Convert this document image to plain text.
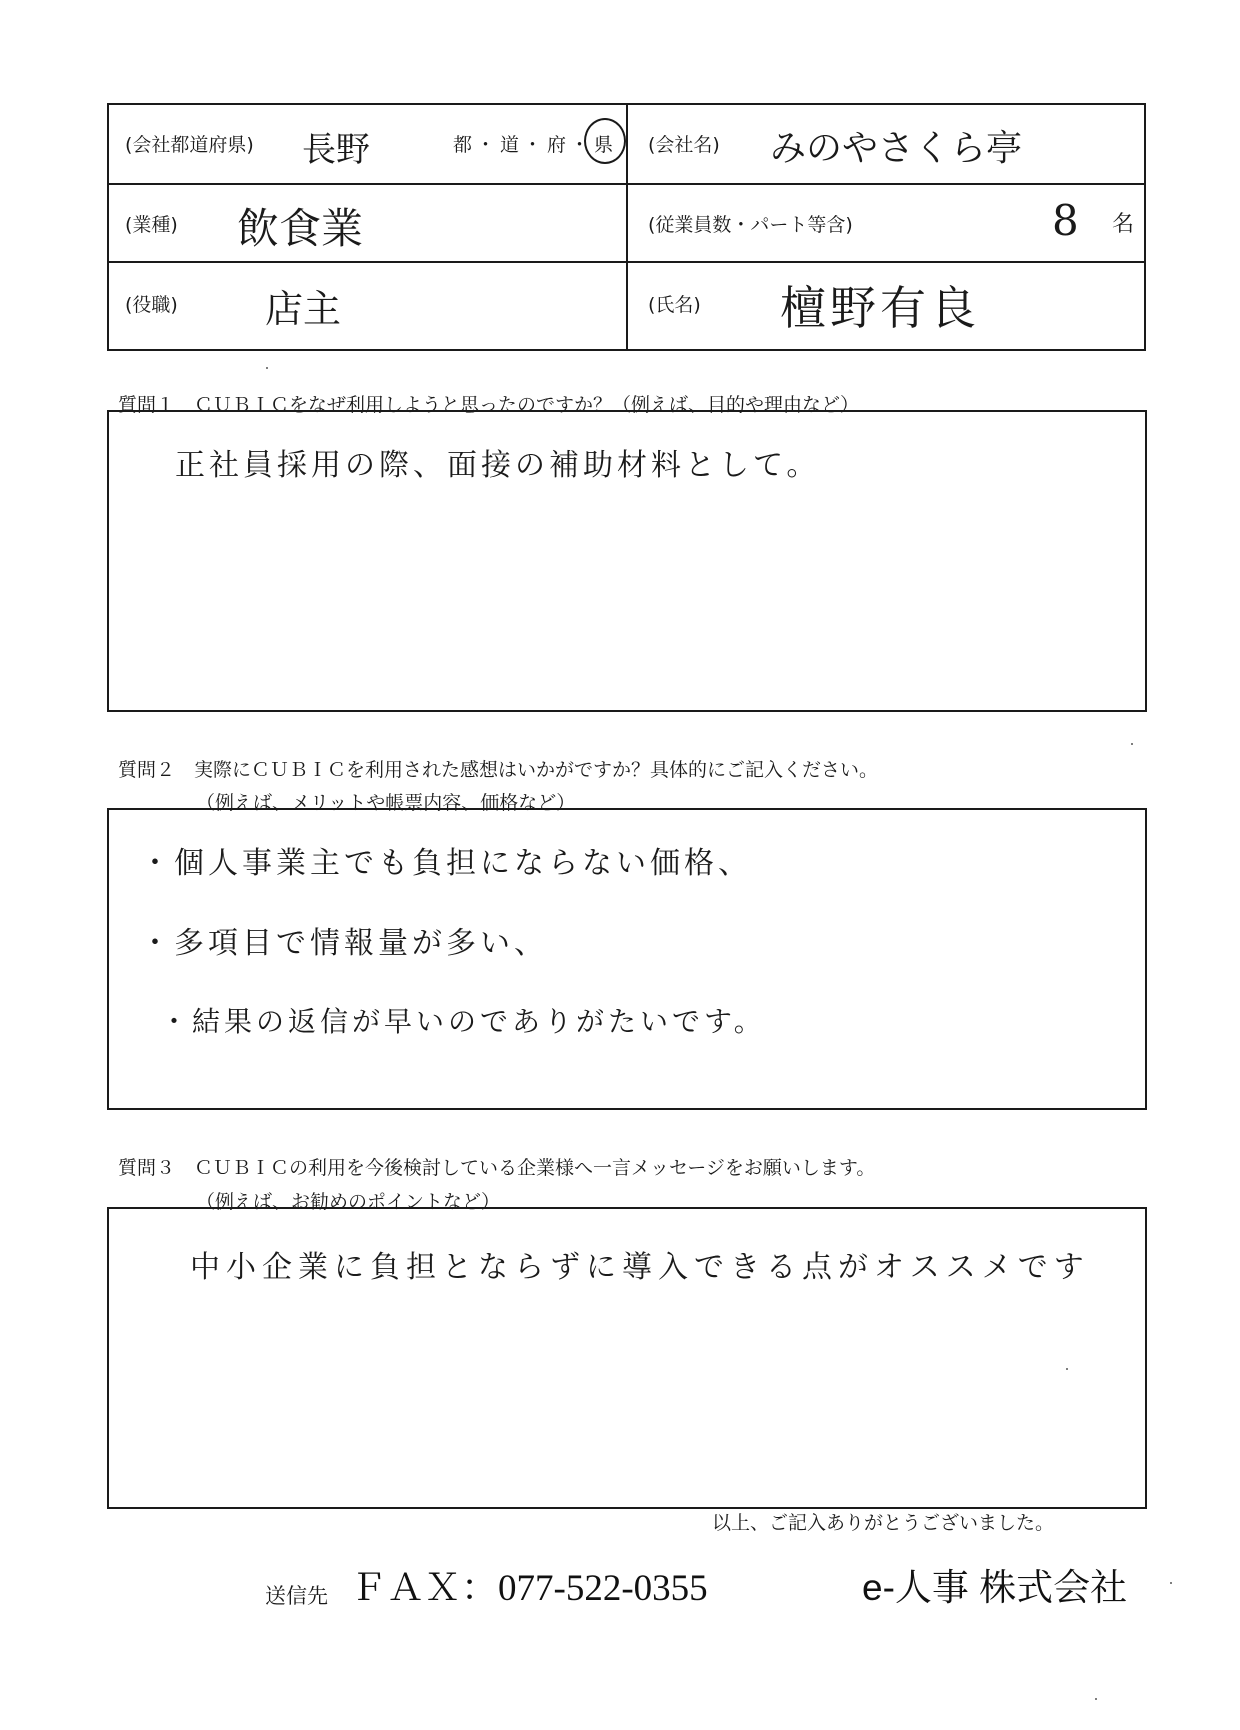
(会社都道府県) 長野	都 ・ 道 ・ 府 ・ 県 (会社名) みのやさくら亭
(業種) 飲食業	(従業員数・パート等含)	8 名
(役職) 店主	(氏名) 檀野有良
質問１　ＣＵＢＩＣをなぜ利用しようと思ったのですか？（例えば、目的や理由など）
正社員採用の際、面接の補助材料として。
質問２　実際にＣＵＢＩＣを利用された感想はいかがですか？具体的にご記入ください。
（例えば、メリットや帳票内容、価格など）
・個人事業主でも負担にならない価格、
・多項目で情報量が多い、
・結果の返信が早いのでありがたいです。
質問３　ＣＵＢＩＣの利用を今後検討している企業様へ一言メッセージをお願いします。
（例えば、お勧めのポイントなど）
中小企業に負担とならずに導入できる点がオススメです
以上、ご記入ありがとうございました。
送信先 ＦＡＸ：077-522-0355	e-人事 株式会社
